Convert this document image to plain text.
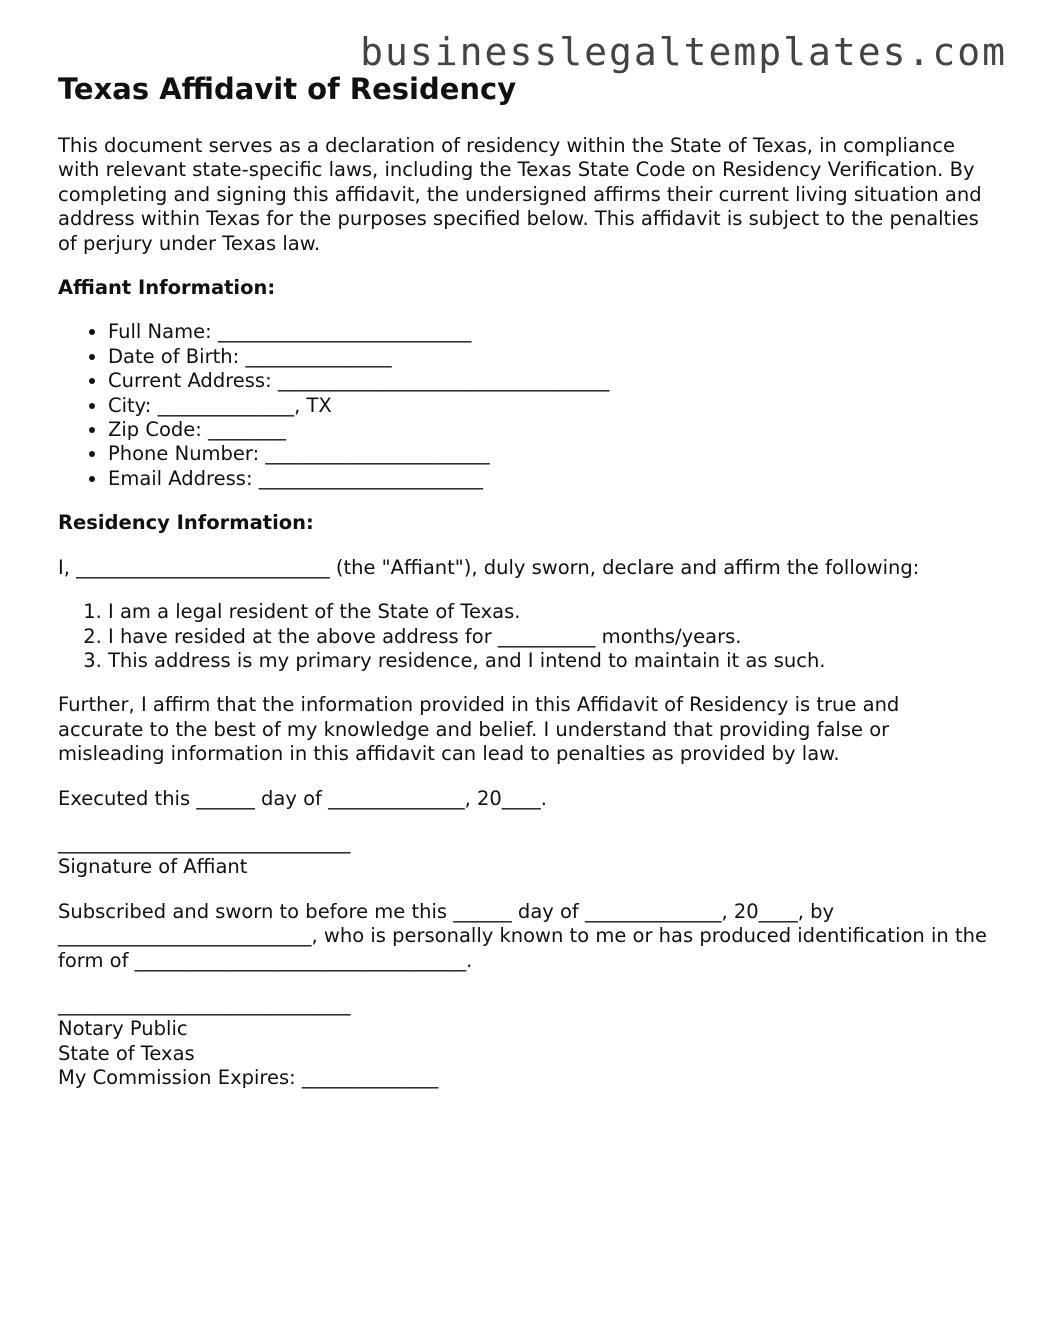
businesslegaltemplates.com
Texas Affidavit of Residency

This document serves as a declaration of residency within the State of Texas, in compliance with relevant state-specific laws, including the Texas State Code on Residency Verification. By completing and signing this affidavit, the undersigned affirms their current living situation and address within Texas for the purposes specified below. This affidavit is subject to the penalties of perjury under Texas law.

Affiant Information:
• Full Name: __________________________
• Date of Birth: _______________
• Current Address: __________________________________
• City: ______________, TX
• Zip Code: ________
• Phone Number: _______________________
• Email Address: _______________________
Residency Information:

I, __________________________ (the "Affiant"), duly sworn, declare and affirm the following:

1. I am a legal resident of the State of Texas.
2. I have resided at the above address for __________ months/years.
3. This address is my primary residence, and I intend to maintain it as such.

Further, I affirm that the information provided in this Affidavit of Residency is true and accurate to the best of my knowledge and belief. I understand that providing false or misleading information in this affidavit can lead to penalties as provided by law.

Executed this ______ day of ______________, 20____.

______________________________
Signature of Affiant

Subscribed and sworn to before me this ______ day of ______________, 20____, by __________________________, who is personally known to me or has produced identification in the form of __________________________________.

______________________________
Notary Public
State of Texas
My Commission Expires: ______________
